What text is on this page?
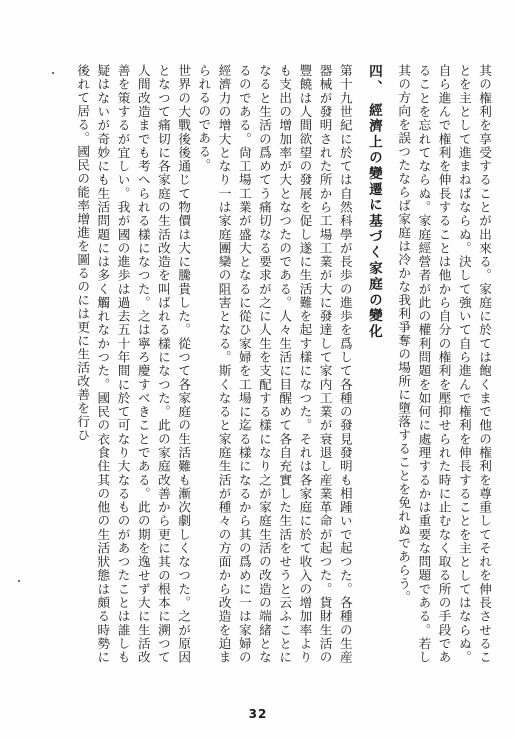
其の権利を享受することが出來る。家庭に於ては飽くまで他の権利を尊重してそれを伸長させることを主として進まねばならぬ。決して強いて自ら進んで権利を伸長することを主としてはならぬ。自ら進んで権利を伸長することは他から自分の権利を壓抑せられた時に止むなく取る所の手段であることを忘れてならぬ。家庭經營者が此の權利問題を如何に處理するかは重要な問題である。若し其の方向を誤つたならば家庭は冷かな我利爭奪の場所に墮落することを免れぬであらう。

四、經濟上の變遷に基づく家庭の變化

第十九世紀に於ては自然科學が長歩の進歩を爲して各種の發見發明も相踵いで起つた。各種の生産器械が發明された所から工場工業が大に發達して家内工業が衰退し産業革命が起つた。貨財生活の豐饒は人間欲望の發展を促し遂に生活難を起す樣になつた。それは各家庭に於て收入の增加率よりも支出の增加率が大となつたのである。人々生活に目醒めて各自充實した生活をせうと云ふことになると生活の爲めてう痛切なる要求が之に人生を支配する樣になり之が家庭生活の改造の端緒となるのである。尙工場工業が盛大となるに從ひ家婦を工場に迄る樣になるから其の爲めに一は家婦の經濟力の增大となり一は家庭團欒の阻害となる。斯くなると家庭生活が種々の方面から改造を迫まられるのである。

世界の大戰後後通じて物價は大に騰貴した。從つて各家庭の生活難も漸次劇しくなつた。之が原因となつて痛切に各家庭の生活改造を叫ばれる樣になつた。此の家庭改善から更に其の根本に溯つて人間改造までも考へられる樣になつた。之は寧ろ慶すべきことである。此の期を逸せず大に生活改善を策するが宜しい。我が國の進歩は過去五十年間に於て可なり大なるものがあつたことは誰しも疑はないが奇妙にも生活問題には多く觸れなかつた。國民の衣食住其の他の生活狀態は頗る時勢に後れて居る。國民の能率增進を圖るのには更に生活改善を行ひ

32
